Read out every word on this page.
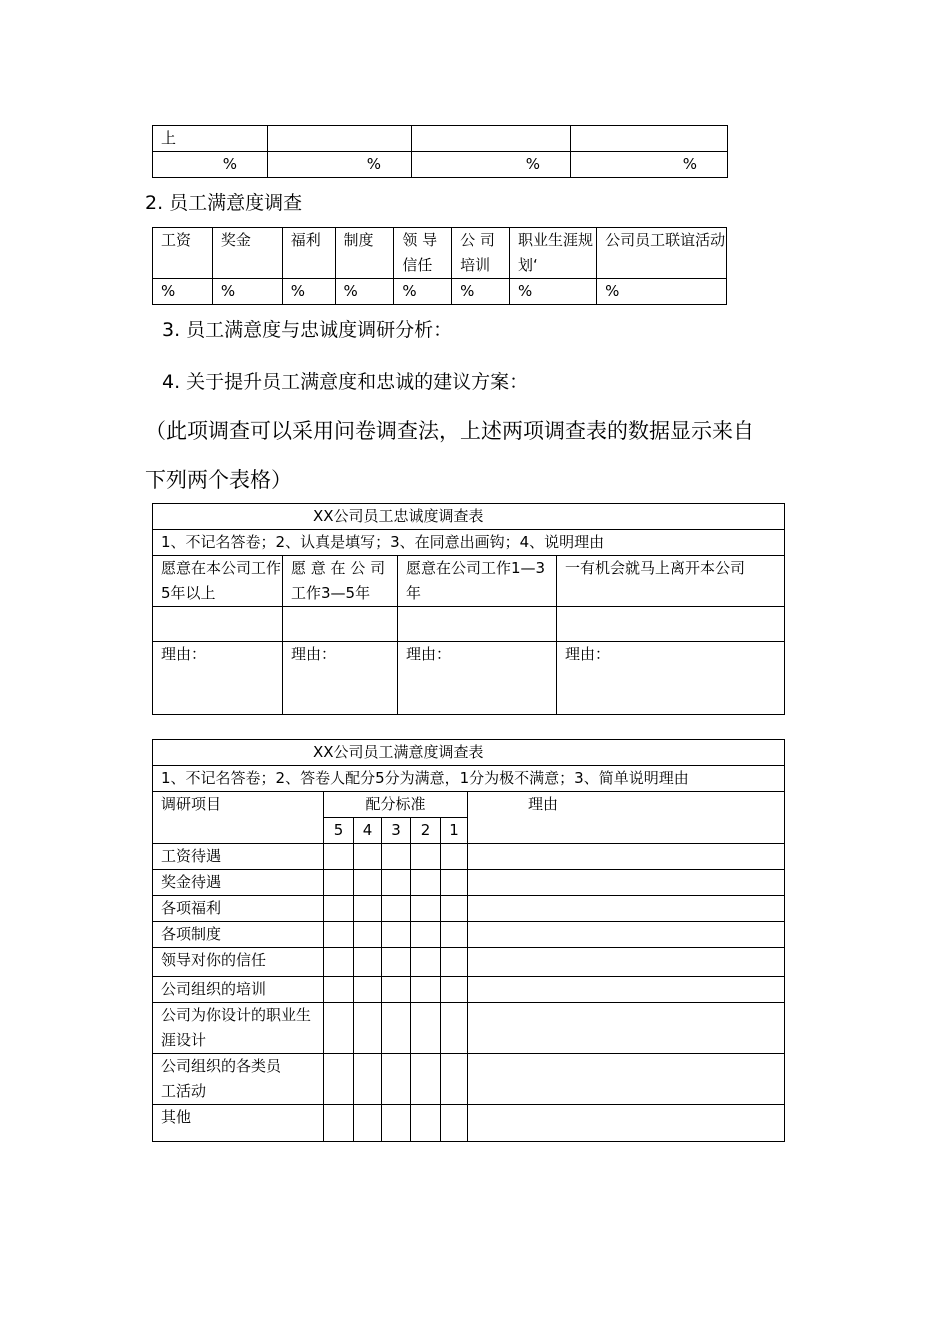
上			
%	%	%	%
2. 员工满意度调查
工资	奖金	福利	制度	领 导 信任	公 司 培训	职业生涯规划‘	公司员工联谊活动
%	%	%	%	%	%	%	%
3. 员工满意度与忠诚度调研分析：
4. 关于提升员工满意度和忠诚的建议方案：
（此项调查可以采用问卷调查法，上述两项调查表的数据显示来自
下列两个表格）
XX公司员工忠诚度调查表			
1、不记名答卷；2、认真是填写；3、在同意出画钩；4、说明理由			
愿意在本公司工作5年以上	愿 意 在 公 司工作3—5年	愿意在公司工作1—3年	一有机会就马上离开本公司

理由：	理由：	理由：	理由：
XX公司员工满意度调查表						
1、不记名答卷；2、答卷人配分5分为满意，1分为极不满意；3、简单说明理由						
调研项目	配分标准					理由
	5	4	3	2	1	
工资待遇						
奖金待遇						
各项福利						
各项制度						
领导对你的信任						
公司组织的培训						
公司为你设计的职业生涯设计						
公司组织的各类员工活动						
其他						
